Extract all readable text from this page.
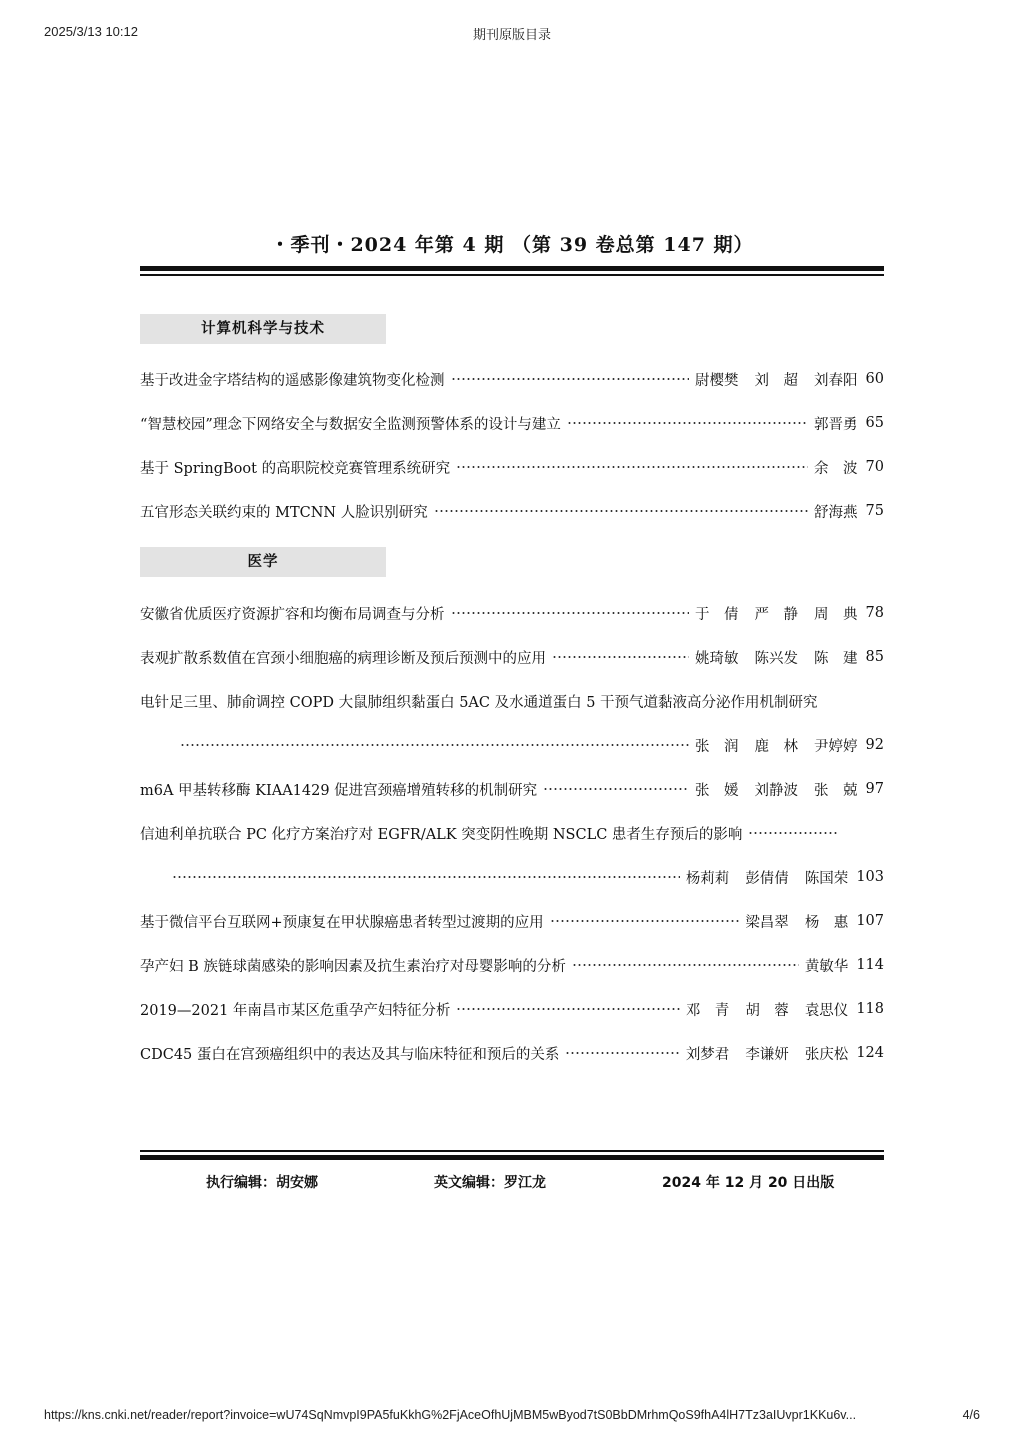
2025/3/13 10:12	期刊原版目录
・季刊・2024 年第 4 期 （第 39 卷总第 147 期）
计算机科学与技术
基于改进金字塔结构的遥感影像建筑物变化检测	尉樱樊 刘　超 刘春阳 60
“智慧校园”理念下网络安全与数据安全监测预警体系的设计与建立	郭晋勇 65
基于 SpringBoot 的高职院校竞赛管理系统研究	余　波 70
五官形态关联约束的 MTCNN 人脸识别研究	舒海燕 75
医学
安徽省优质医疗资源扩容和均衡布局调查与分析	于　倩 严　静 周　典 78
表观扩散系数值在宫颈小细胞癌的病理诊断及预后预测中的应用	姚琦敏 陈兴发 陈　建 85
电针足三里、肺俞调控 COPD 大鼠肺组织黏蛋白 5AC 及水通道蛋白 5 干预气道黏液高分泌作用机制研究
张　润 鹿　林 尹婷婷 92
m6A 甲基转移酶 KIAA1429 促进宫颈癌增殖转移的机制研究	张　媛 刘静波 张　兢 97
信迪利单抗联合 PC 化疗方案治疗对 EGFR/ALK 突变阴性晚期 NSCLC 患者生存预后的影响
杨莉莉 彭倩倩 陈国荣 103
基于微信平台互联网+预康复在甲状腺癌患者转型过渡期的应用	梁昌翠 杨　惠 107
孕产妇 B 族链球菌感染的影响因素及抗生素治疗对母婴影响的分析	黄敏华 114
2019—2021 年南昌市某区危重孕产妇特征分析	邓　青 胡　蓉 袁思仪 118
CDC45 蛋白在宫颈癌组织中的表达及其与临床特征和预后的关系	刘梦君 李谦妍 张庆松 124
执行编辑：胡安娜	英文编辑：罗江龙	2024 年 12 月 20 日出版
https://kns.cnki.net/reader/report?invoice=wU74SqNmvpI9PA5fuKkhG%2FjAceOfhUjMBM5wByod7tS0BbDMrhmQoS9fhA4lH7Tz3aIUvpr1KKu6v...	4/6
